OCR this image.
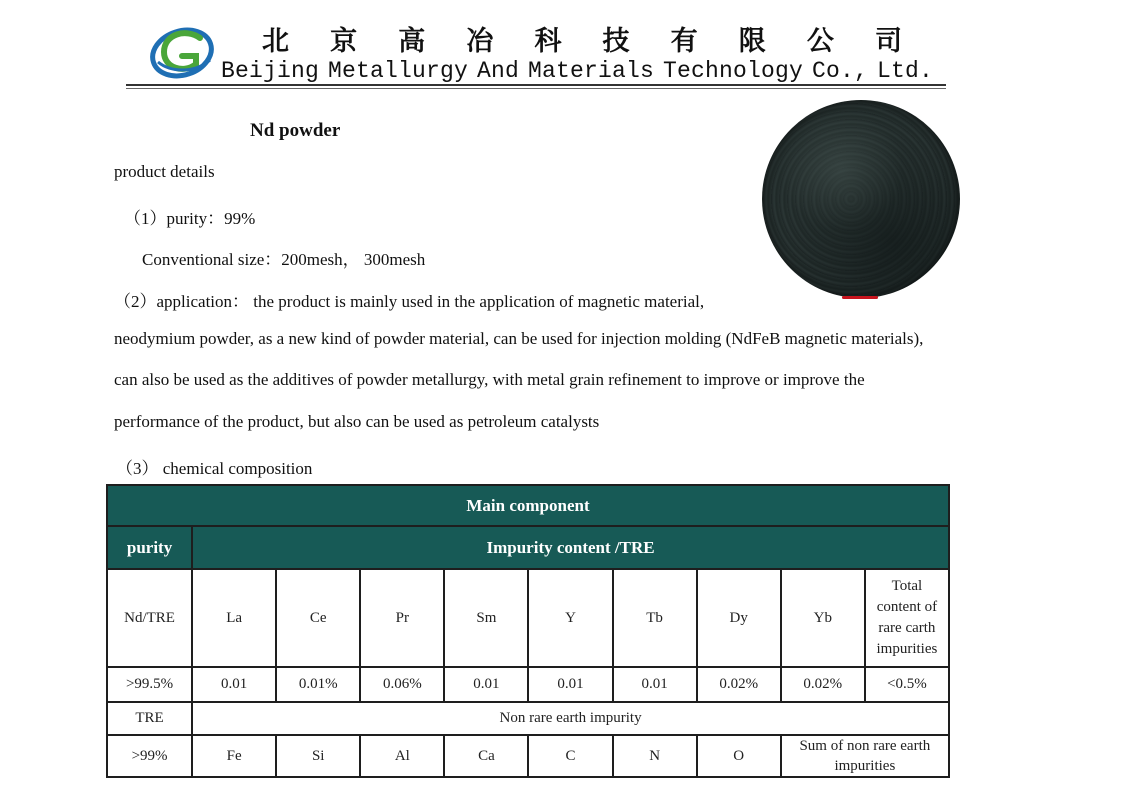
北 京 高 冶 科 技 有 限 公 司
Beijing Metallurgy And Materials Technology Co., Ltd.
Nd powder
product details
（1）purity：99%
Conventional size：200mesh， 300mesh
（2）application： the product is mainly used in the application of magnetic material,
neodymium powder, as a new kind of powder material, can be used for injection molding (NdFeB magnetic materials),
can also be used as the additives of powder metallurgy, with metal grain refinement to improve or improve the
performance of the product, but also can be used as petroleum catalysts
（3） chemical composition
Main component									
purity	Impurity content /TRE								
Nd/TRE	La	Ce	Pr	Sm	Y	Tb	Dy	Yb	Total content of rare carth impurities
>99.5%	0.01	0.01%	0.06%	0.01	0.01	0.01	0.02%	0.02%	<0.5%
TRE	Non rare earth impurity								
>99%	Fe	Si	Al	Ca	C	N	O	Sum of non rare earth impurities	
